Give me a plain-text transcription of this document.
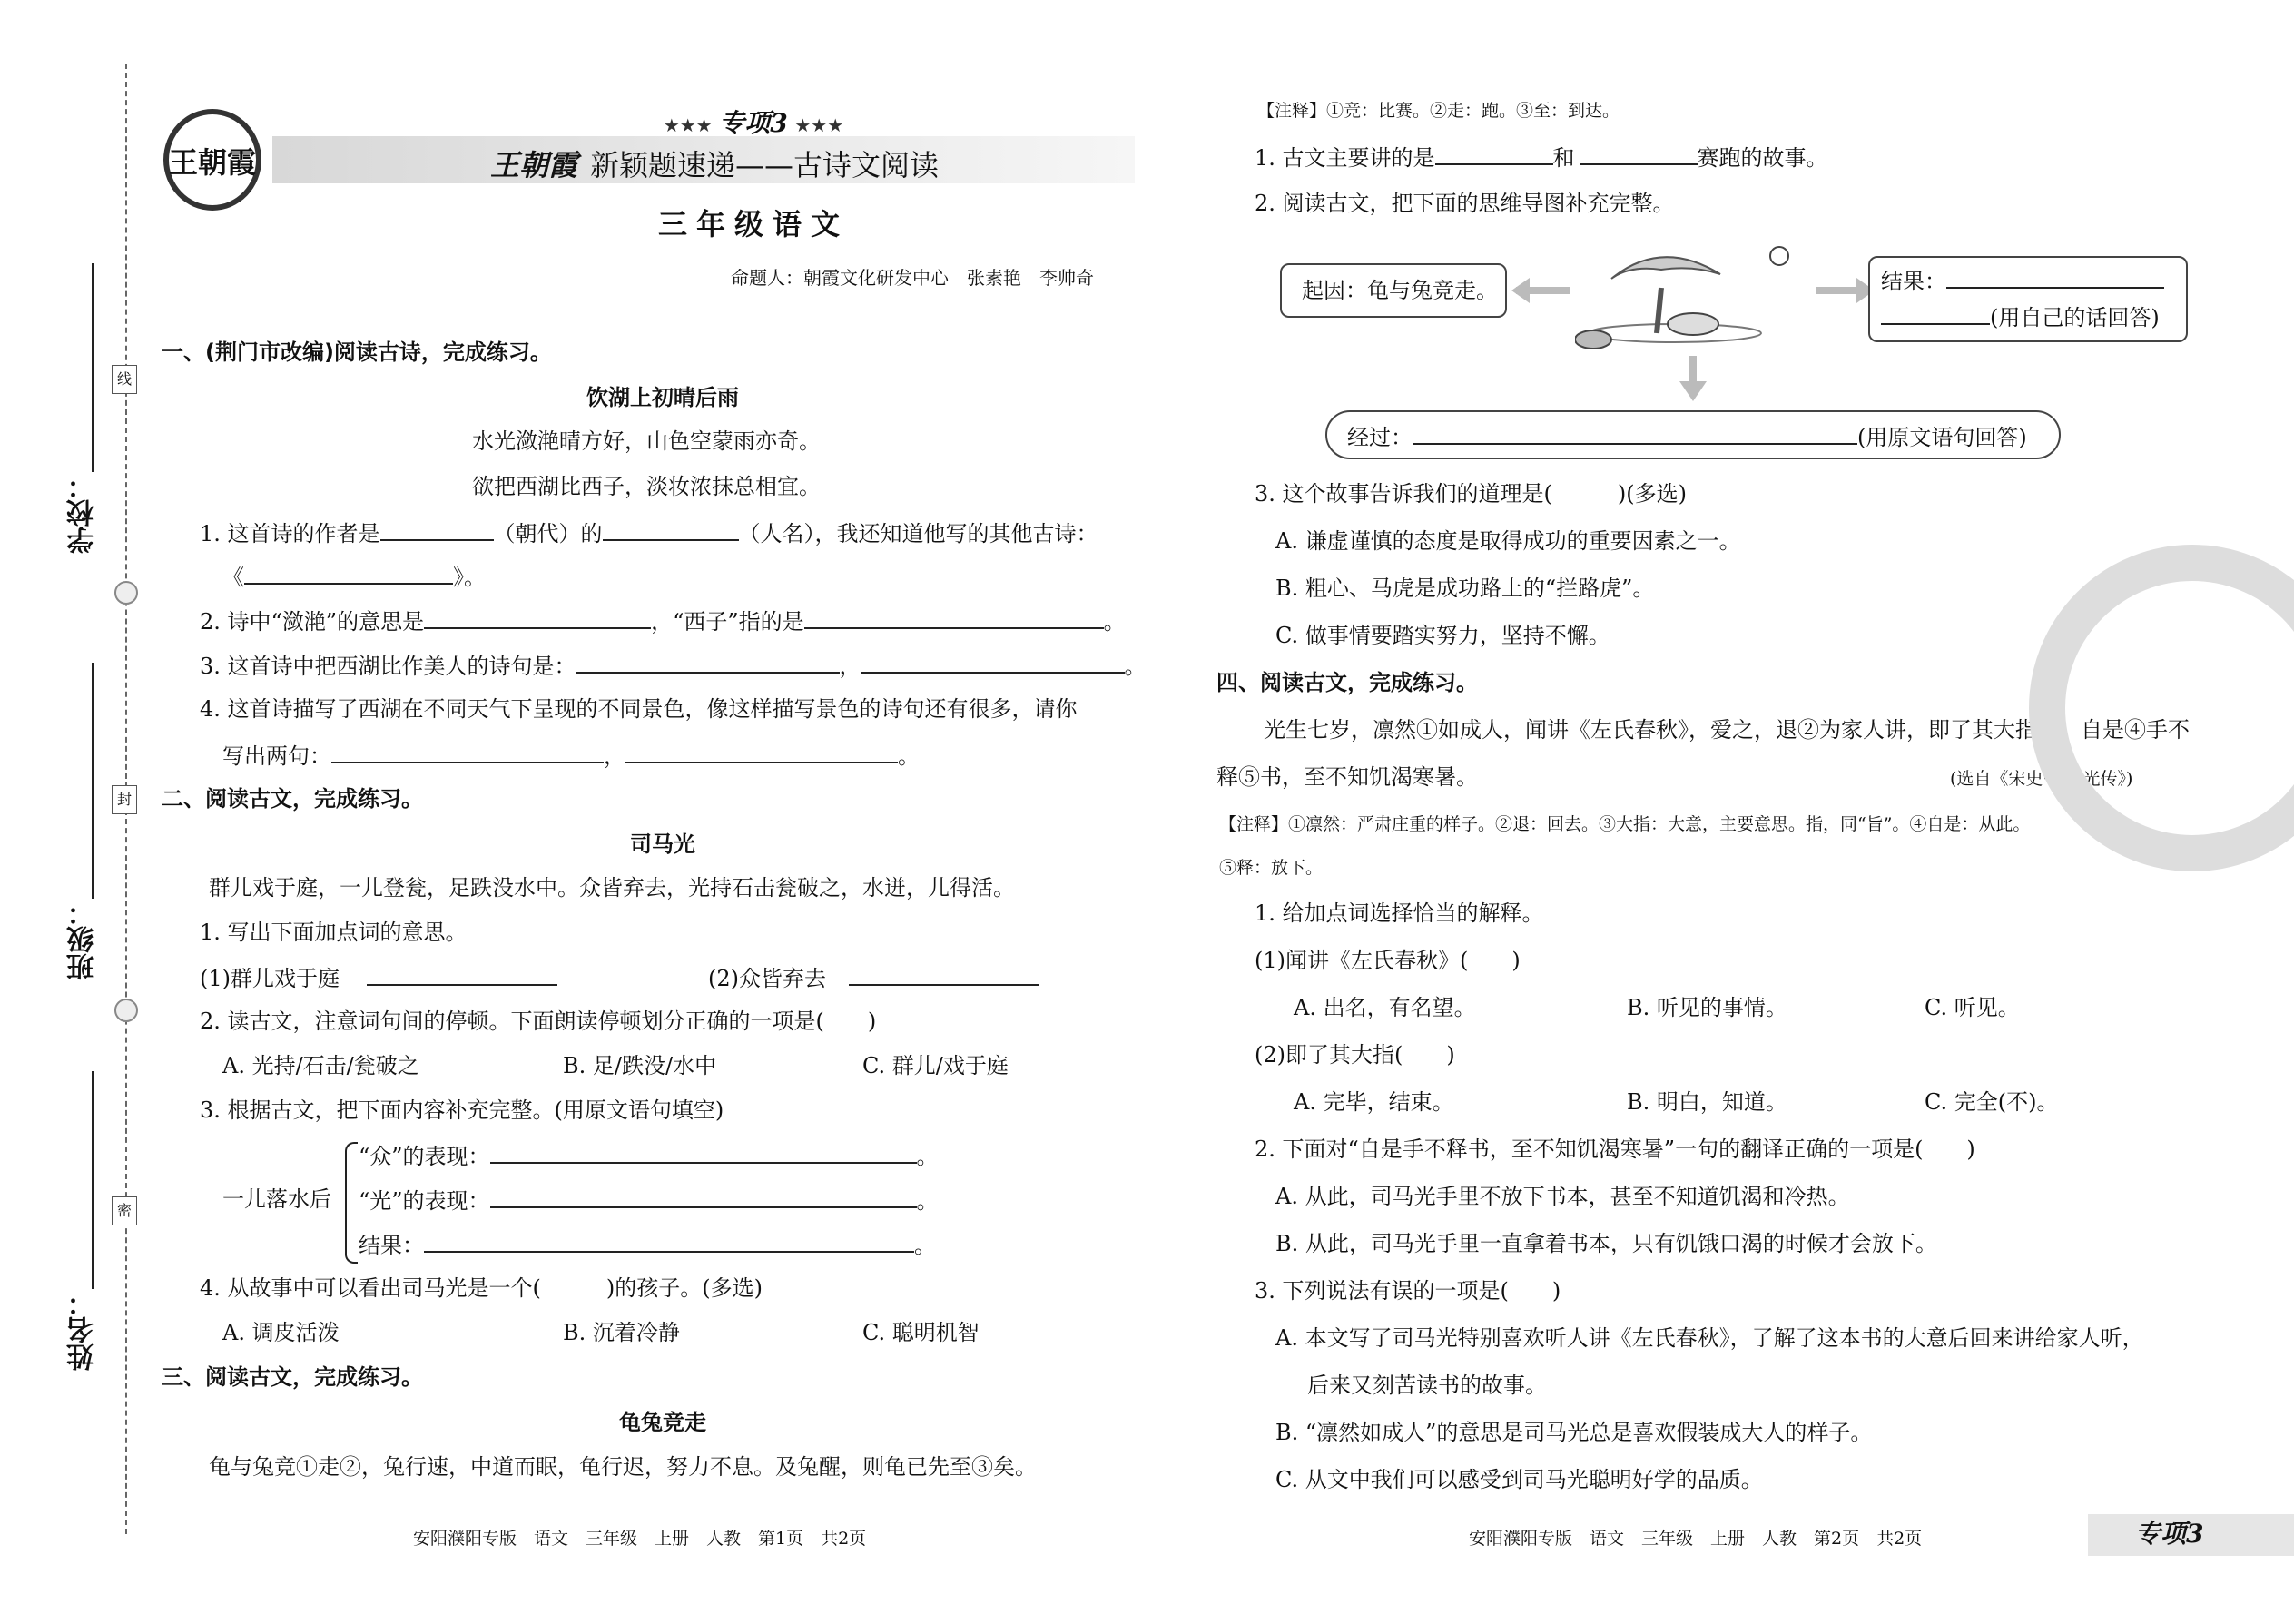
学校：
班级：
姓名：
线
封
密
王朝霞
★★★ 专项3 ★★★
王朝霞 新颖题速递——古诗文阅读
三年级语文
命题人：朝霞文化研发中心　张素艳　李帅奇
一、(荆门市改编)阅读古诗，完成练习。
饮湖上初晴后雨
水光潋滟晴方好，山色空蒙雨亦奇。
欲把西湖比西子，淡妆浓抹总相宜。
1. 这首诗的作者是	（朝代）的	（人名），我还知道他写的其他古诗：
《	》。
2. 诗中“潋滟”的意思是	，“西子”指的是	。
3. 这首诗中把西湖比作美人的诗句是：	，	。
4. 这首诗描写了西湖在不同天气下呈现的不同景色，像这样描写景色的诗句还有很多，请你
写出两句：	，	。
二、阅读古文，完成练习。
司马光
群儿戏于庭，一儿登瓮，足跌没水中。众皆弃去，光持石击瓮破之，水迸，儿得活。
1. 写出下面加点词的意思。
(1)群儿戏于庭	(2)众皆弃去
2. 读古文，注意词句间的停顿。下面朗读停顿划分正确的一项是(　　)
A. 光持/石击/瓮破之	B. 足/跌没/水中	C. 群儿/戏于庭
3. 根据古文，把下面内容补充完整。(用原文语句填空)
一儿落水后
“众”的表现：	。
“光”的表现：	。
结果：	。
4. 从故事中可以看出司马光是一个(　　　)的孩子。(多选)
A. 调皮活泼	B. 沉着冷静	C. 聪明机智
三、阅读古文，完成练习。
龟兔竞走
龟与兔竞①走②，兔行速，中道而眠，龟行迟，努力不息。及兔醒，则龟已先至③矣。
安阳濮阳专版　语文　三年级　上册　人教　第1页　共2页
【注释】①竞：比赛。②走：跑。③至：到达。
1. 古文主要讲的是	和	赛跑的故事。
2. 阅读古文，把下面的思维导图补充完整。
起因：龟与兔竞走。	结果：
(用自己的话回答)
经过：	(用原文语句回答)
3. 这个故事告诉我们的道理是(　　　)(多选)
A. 谦虚谨慎的态度是取得成功的重要因素之一。
B. 粗心、马虎是成功路上的“拦路虎”。
C. 做事情要踏实努力，坚持不懈。
四、阅读古文，完成练习。
光生七岁，凛然①如成人，闻讲《左氏春秋》，爱之，退②为家人讲，即了其大指③。自是④手不
释⑤书，至不知饥渴寒暑。	(选自《宋史·司马光传》)
【注释】①凛然：严肃庄重的样子。②退：回去。③大指：大意，主要意思。指，同“旨”。④自是：从此。
⑤释：放下。
1. 给加点词选择恰当的解释。
(1)闻讲《左氏春秋》(　　)
A. 出名，有名望。	B. 听见的事情。	C. 听见。
(2)即了其大指(　　)
A. 完毕，结束。	B. 明白，知道。	C. 完全(不)。
2. 下面对“自是手不释书，至不知饥渴寒暑”一句的翻译正确的一项是(　　)
A. 从此，司马光手里不放下书本，甚至不知道饥渴和冷热。
B. 从此，司马光手里一直拿着书本，只有饥饿口渴的时候才会放下。
3. 下列说法有误的一项是(　　)
A. 本文写了司马光特别喜欢听人讲《左氏春秋》，了解了这本书的大意后回来讲给家人听，
后来又刻苦读书的故事。
B. “凛然如成人”的意思是司马光总是喜欢假装成大人的样子。
C. 从文中我们可以感受到司马光聪明好学的品质。
安阳濮阳专版　语文　三年级　上册　人教　第2页　共2页	专项3
